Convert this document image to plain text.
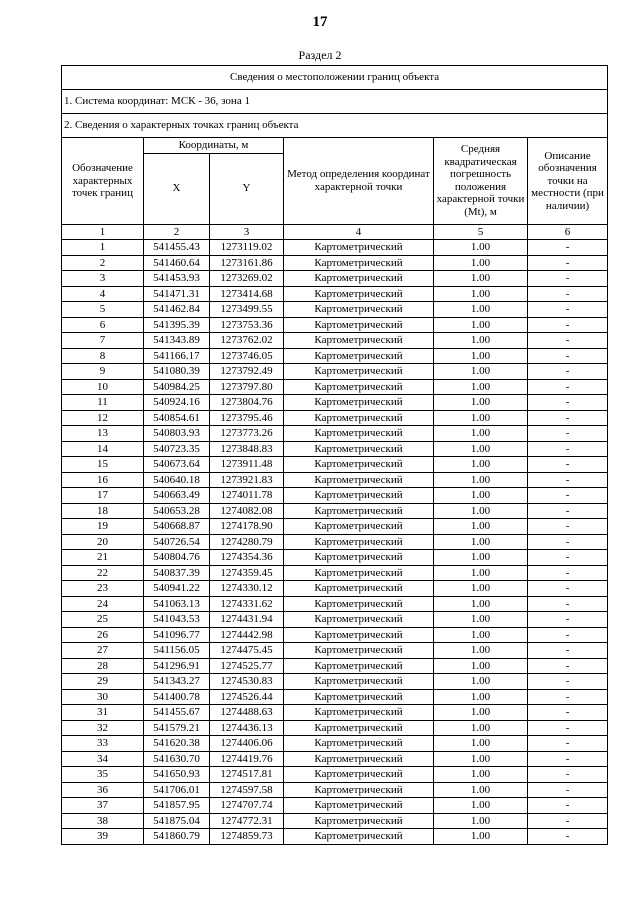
17
Раздел 2
Сведения о местоположении границ объекта					
1. Система координат: МСК - 36, зона 1					
2. Сведения о характерных точках границ объекта					
Обозначение характерных точек границ	Координаты, м		Метод определения координат характерной точки	Средняя квадратическая погрешность положения характерной точки (Mt), м	Описание обозначения точки на местности (при наличии)
	X	Y			
1	2	3	4	5	6
1	541455.43	1273119.02	Картометрический	1.00	-
2	541460.64	1273161.86	Картометрический	1.00	-
3	541453.93	1273269.02	Картометрический	1.00	-
4	541471.31	1273414.68	Картометрический	1.00	-
5	541462.84	1273499.55	Картометрический	1.00	-
6	541395.39	1273753.36	Картометрический	1.00	-
7	541343.89	1273762.02	Картометрический	1.00	-
8	541166.17	1273746.05	Картометрический	1.00	-
9	541080.39	1273792.49	Картометрический	1.00	-
10	540984.25	1273797.80	Картометрический	1.00	-
11	540924.16	1273804.76	Картометрический	1.00	-
12	540854.61	1273795.46	Картометрический	1.00	-
13	540803.93	1273773.26	Картометрический	1.00	-
14	540723.35	1273848.83	Картометрический	1.00	-
15	540673.64	1273911.48	Картометрический	1.00	-
16	540640.18	1273921.83	Картометрический	1.00	-
17	540663.49	1274011.78	Картометрический	1.00	-
18	540653.28	1274082.08	Картометрический	1.00	-
19	540668.87	1274178.90	Картометрический	1.00	-
20	540726.54	1274280.79	Картометрический	1.00	-
21	540804.76	1274354.36	Картометрический	1.00	-
22	540837.39	1274359.45	Картометрический	1.00	-
23	540941.22	1274330.12	Картометрический	1.00	-
24	541063.13	1274331.62	Картометрический	1.00	-
25	541043.53	1274431.94	Картометрический	1.00	-
26	541096.77	1274442.98	Картометрический	1.00	-
27	541156.05	1274475.45	Картометрический	1.00	-
28	541296.91	1274525.77	Картометрический	1.00	-
29	541343.27	1274530.83	Картометрический	1.00	-
30	541400.78	1274526.44	Картометрический	1.00	-
31	541455.67	1274488.63	Картометрический	1.00	-
32	541579.21	1274436.13	Картометрический	1.00	-
33	541620.38	1274406.06	Картометрический	1.00	-
34	541630.70	1274419.76	Картометрический	1.00	-
35	541650.93	1274517.81	Картометрический	1.00	-
36	541706.01	1274597.58	Картометрический	1.00	-
37	541857.95	1274707.74	Картометрический	1.00	-
38	541875.04	1274772.31	Картометрический	1.00	-
39	541860.79	1274859.73	Картометрический	1.00	-
